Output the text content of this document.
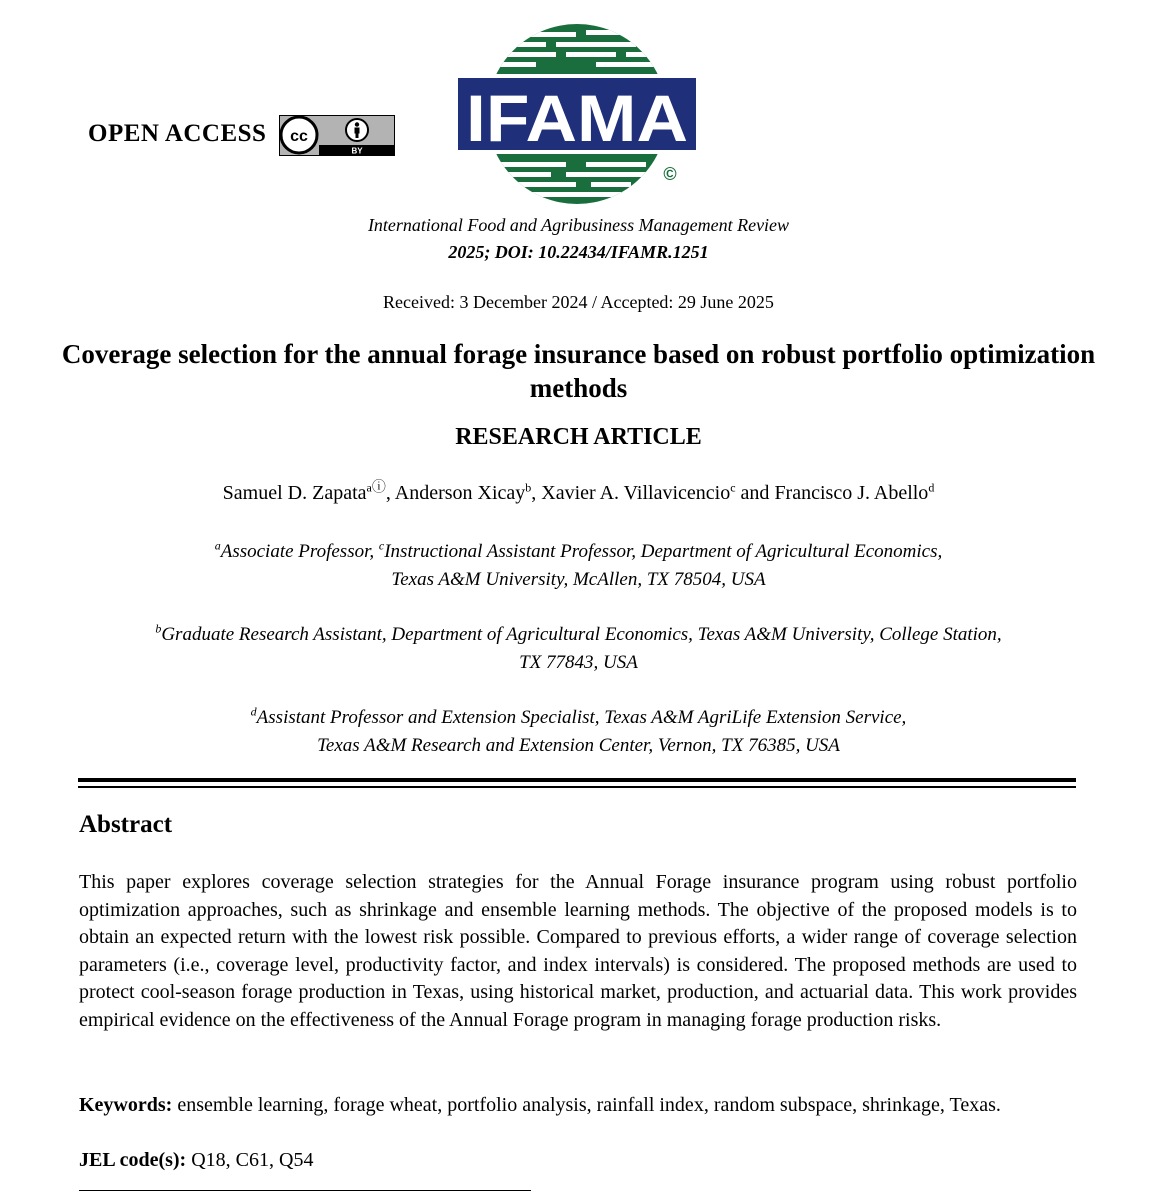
OPEN ACCESS
BY
cc IFAMA
©
International Food and Agribusiness Management Review
2025; DOI: 10.22434/IFAMR.1251
Received: 3 December 2024 / Accepted: 29 June 2025
Coverage selection for the annual forage insurance based on robust portfolio optimization methods
RESEARCH ARTICLE
Samuel D. Zapata$^{aⓘ}$, Anderson Xicay$^b$, Xavier A. Villavicencio$^c$ and Francisco J. Abello$^d$
$^a$Associate Professor, $^c$Instructional Assistant Professor, Department of Agricultural Economics,
Texas A&M University, McAllen, TX 78504, USA
$^b$Graduate Research Assistant, Department of Agricultural Economics, Texas A&M University, College Station,
TX 77843, USA
$^d$Assistant Professor and Extension Specialist, Texas A&M AgriLife Extension Service,
Texas A&M Research and Extension Center, Vernon, TX 76385, USA
Abstract

This paper explores coverage selection strategies for the Annual Forage insurance program using robust portfolio optimization approaches, such as shrinkage and ensemble learning methods. The objective of the proposed models is to obtain an expected return with the lowest risk possible. Compared to previous efforts, a wider range of coverage selection parameters (i.e., coverage level, productivity factor, and index intervals) is considered. The proposed methods are used to protect cool-season forage production in Texas, using historical market, production, and actuarial data. This work provides empirical evidence on the effectiveness of the Annual Forage program in managing forage production risks.

Keywords: ensemble learning, forage wheat, portfolio analysis, rainfall index, random subspace, shrinkage, Texas.

JEL code(s): Q18, C61, Q54
